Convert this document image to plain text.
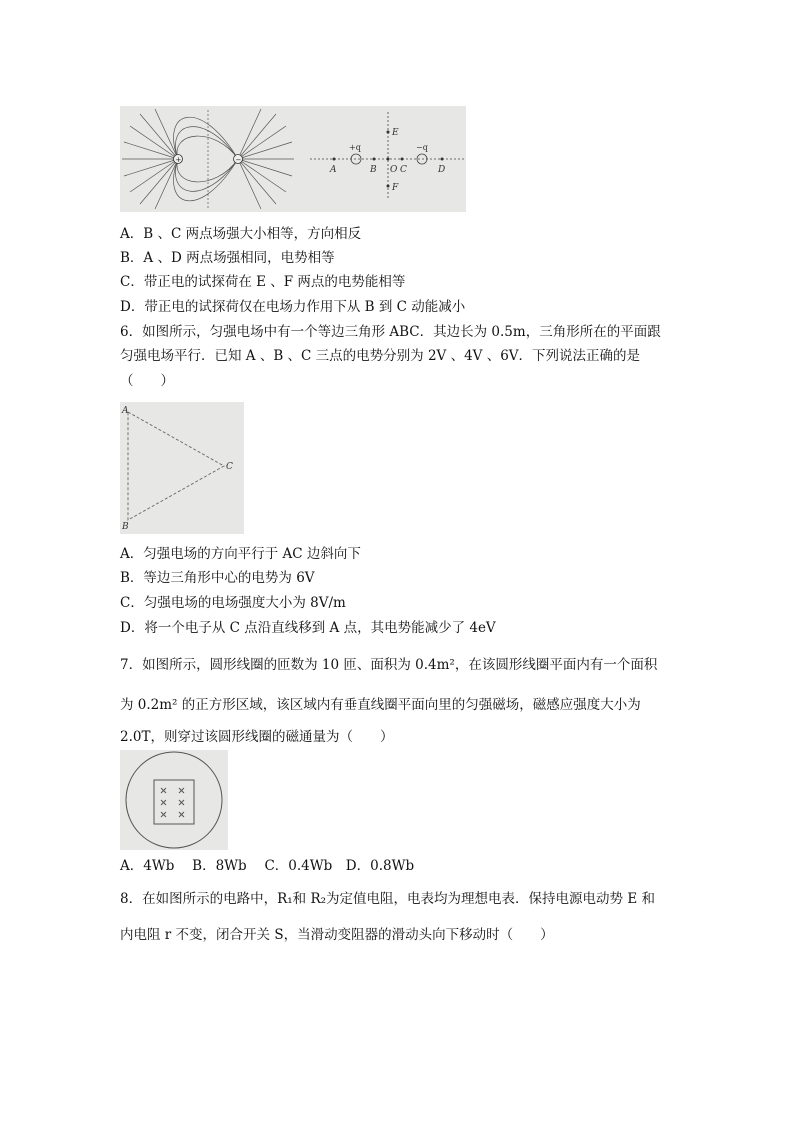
+	−
E
+q
A	B O C
−q
D
F
A．B 、C 两点场强大小相等，方向相反
B．A 、D 两点场强相同，电势相等
C．带正电的试探荷在 E 、F 两点的电势能相等
D．带正电的试探荷仅在电场力作用下从 B 到 C 动能减小
6．如图所示，匀强电场中有一个等边三角形 ABC．其边长为 0.5m，三角形所在的平面跟
匀强电场平行．已知 A 、B 、C 三点的电势分别为 2V 、4V 、6V．下列说法正确的是
（　　）
A
C
B
A．匀强电场的方向平行于 AC 边斜向下
B．等边三角形中心的电势为 6V
C．匀强电场的电场强度大小为 8V/m
D．将一个电子从 C 点沿直线移到 A 点，其电势能减少了 4eV
7．如图所示，圆形线圈的匝数为 10 匝、面积为 0.4m²，在该圆形线圈平面内有一个面积
为 0.2m² 的正方形区域，该区域内有垂直线圈平面向里的匀强磁场，磁感应强度大小为
2.0T，则穿过该圆形线圈的磁通量为（　　）
A．4Wb　 B．8Wb　 C．0.4Wb　D．0.8Wb
8．在如图所示的电路中，R₁和 R₂为定值电阻，电表均为理想电表．保持电源电动势 E 和
内电阻 r 不变，闭合开关 S，当滑动变阻器的滑动头向下移动时（　　）
